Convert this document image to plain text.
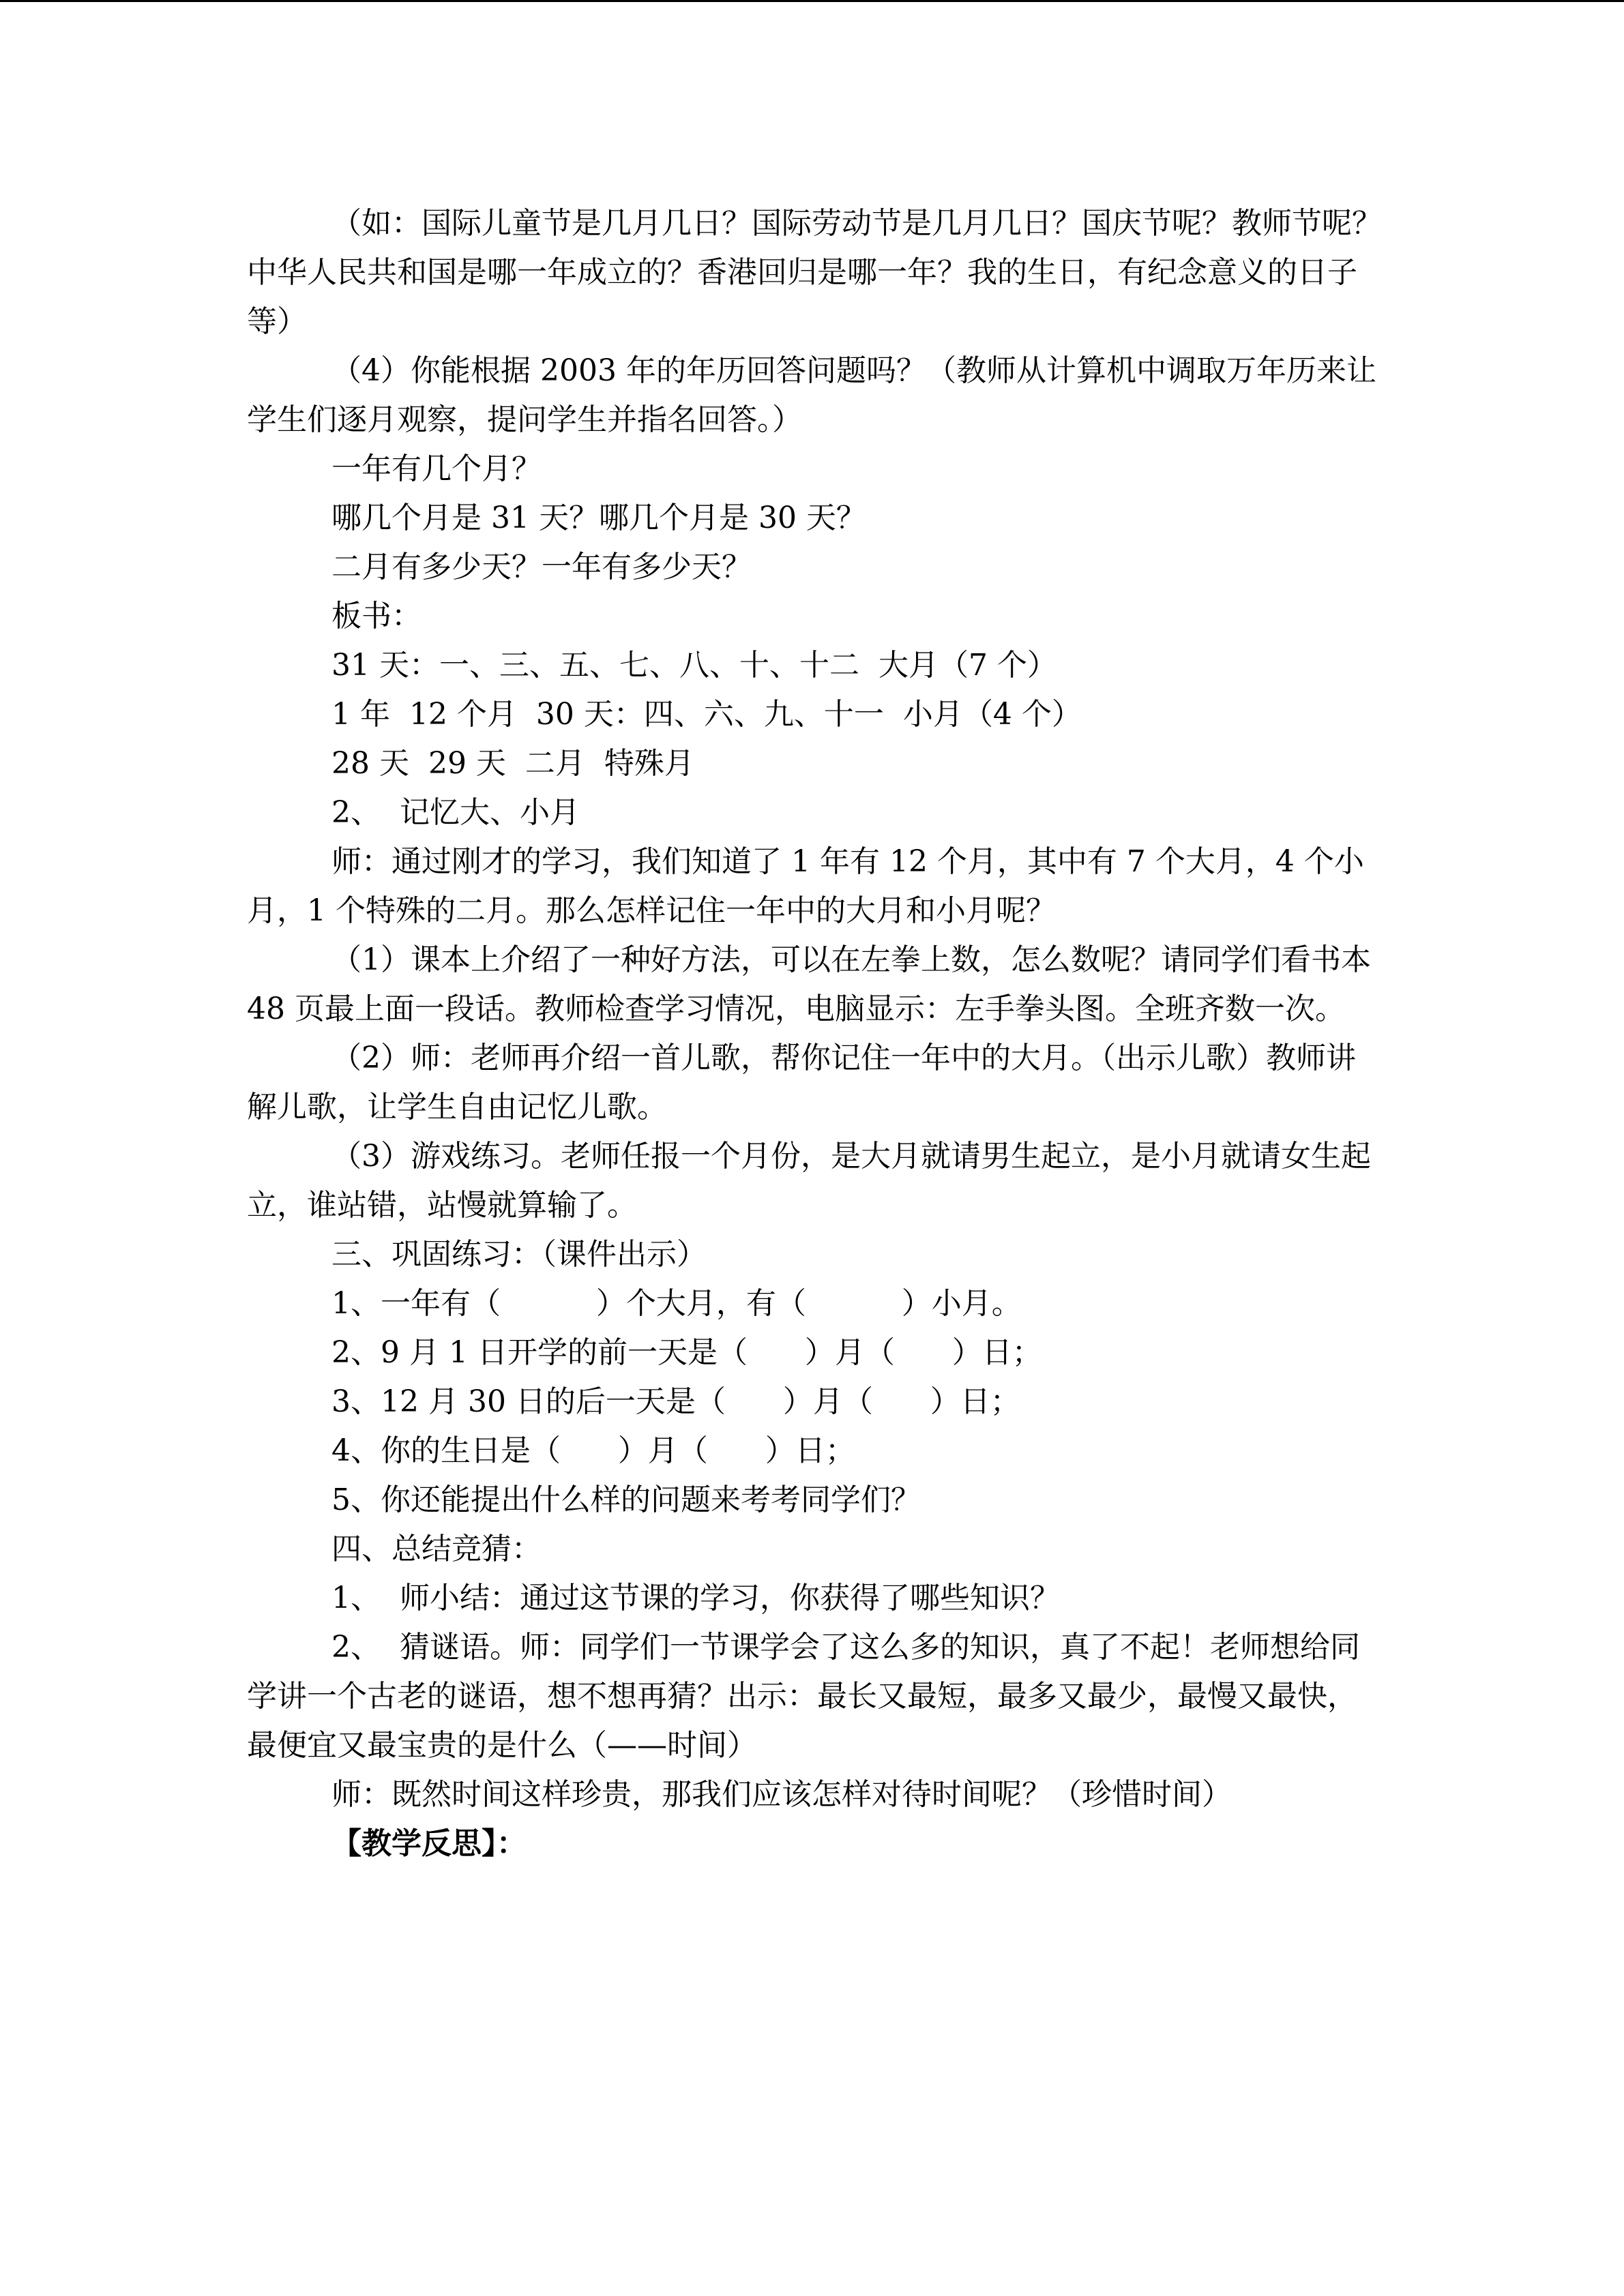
（如：国际儿童节是几月几日？国际劳动节是几月几日？国庆节呢？教师节呢？中华人民共和国是哪一年成立的？香港回归是哪一年？我的生日，有纪念意义的日子等）

（4）你能根据 2003 年的年历回答问题吗？（教师从计算机中调取万年历来让学生们逐月观察，提问学生并指名回答。）

一年有几个月？

哪几个月是 31 天？哪几个月是 30 天？

二月有多少天？一年有多少天？

板书：

31 天：一、三、五、七、八、十、十二  大月（7 个）

1 年  12 个月  30 天：四、六、九、十一  小月（4 个）

28 天  29 天  二月  特殊月

2、  记忆大、小月

师：通过刚才的学习，我们知道了 1 年有 12 个月，其中有 7 个大月，4 个小月，1 个特殊的二月。那么怎样记住一年中的大月和小月呢？

（1）课本上介绍了一种好方法，可以在左拳上数，怎么数呢？请同学们看书本 48 页最上面一段话。教师检查学习情况，电脑显示：左手拳头图。全班齐数一次。

（2）师：老师再介绍一首儿歌，帮你记住一年中的大月。（出示儿歌）教师讲解儿歌，让学生自由记忆儿歌。

（3）游戏练习。老师任报一个月份，是大月就请男生起立，是小月就请女生起立，谁站错，站慢就算输了。

三、巩固练习：（课件出示）

1、一年有（          ）个大月，有（          ）小月。

2、9 月 1 日开学的前一天是（      ）月（      ）日；

3、12 月 30 日的后一天是（      ）月（      ）日；

4、你的生日是（      ）月（      ）日；

5、你还能提出什么样的问题来考考同学们？

四、总结竞猜：

1、  师小结：通过这节课的学习，你获得了哪些知识？

2、  猜谜语。师：同学们一节课学会了这么多的知识，真了不起！老师想给同学讲一个古老的谜语，想不想再猜？出示：最长又最短，最多又最少，最慢又最快，最便宜又最宝贵的是什么（——时间）

师：既然时间这样珍贵，那我们应该怎样对待时间呢？（珍惜时间）

【教学反思】：
